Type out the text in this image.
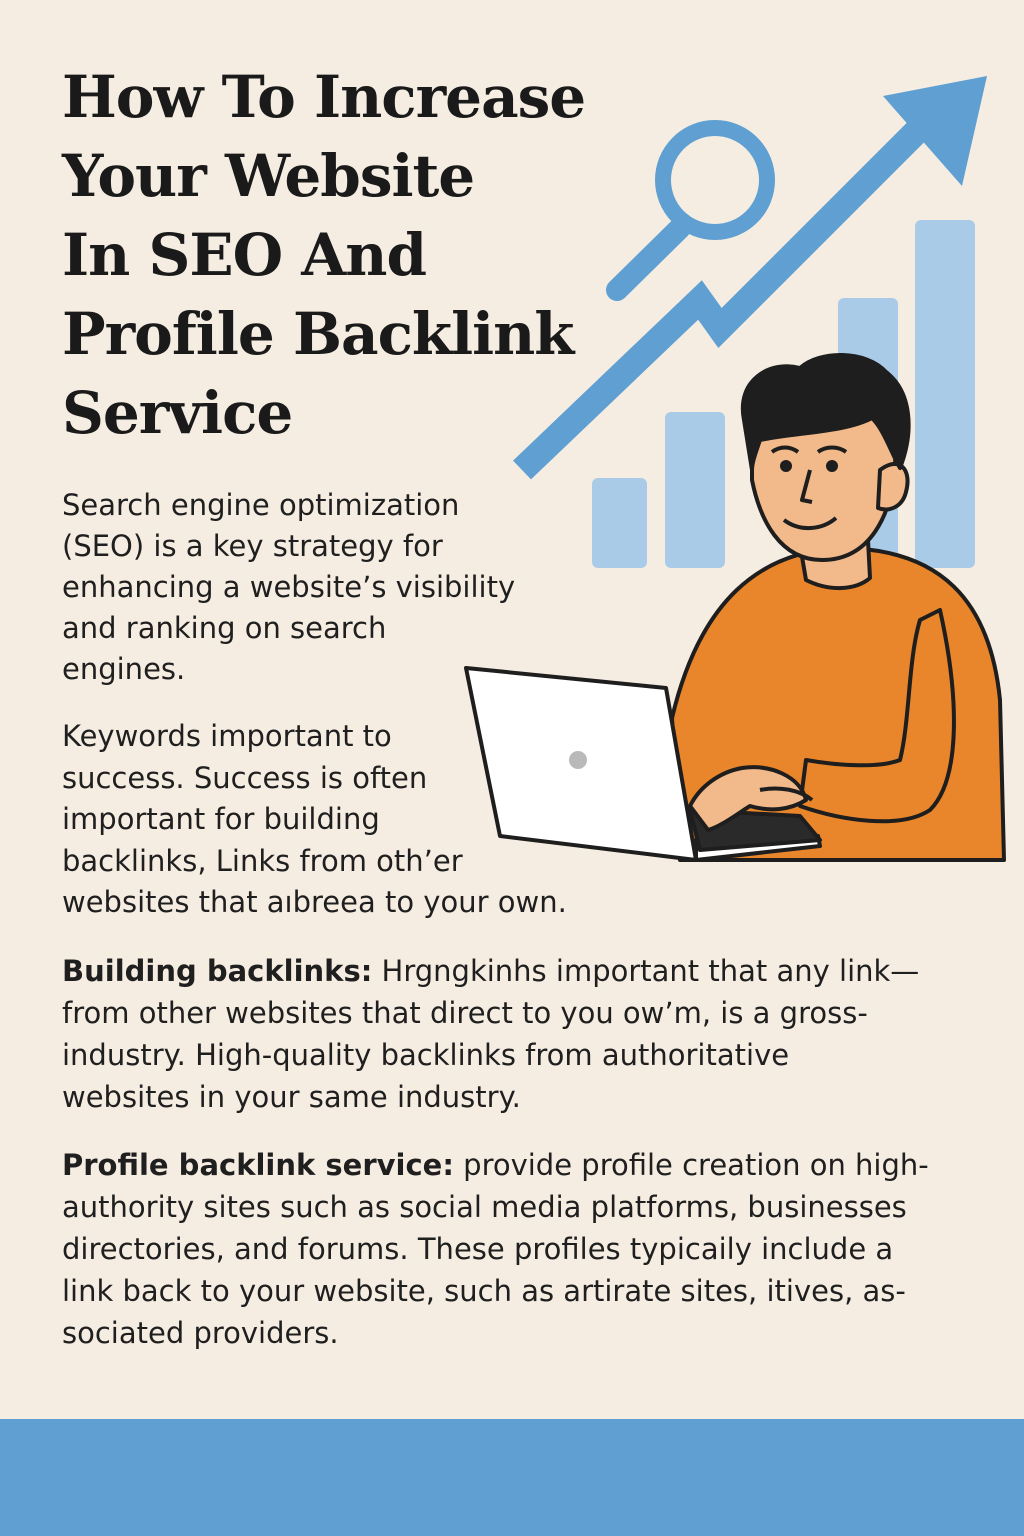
How To Increase
Your Website
In SEO And
Profile Backlink
Service

Search engine optimization
(SEO) is a key strategy for
enhancing a website’s visibility
and ranking on search
engines.

Keywords important to
success. Success is often
important for building
backlinks, Links from oth’er
websites that aıbreea to your own.

Building backlinks: Hrgngkinhs important that any link—
from other websites that direct to you ow’m, is a gross-
industry. High-quality backlinks from authoritative
websites in your same industry.

Profile backlink service: provide profile creation on high-
authority sites such as social media platforms, businesses
directories, and forums. These profiles typicaily include a
link back to your website, such as artirate sites, itives, as-
sociated providers.
